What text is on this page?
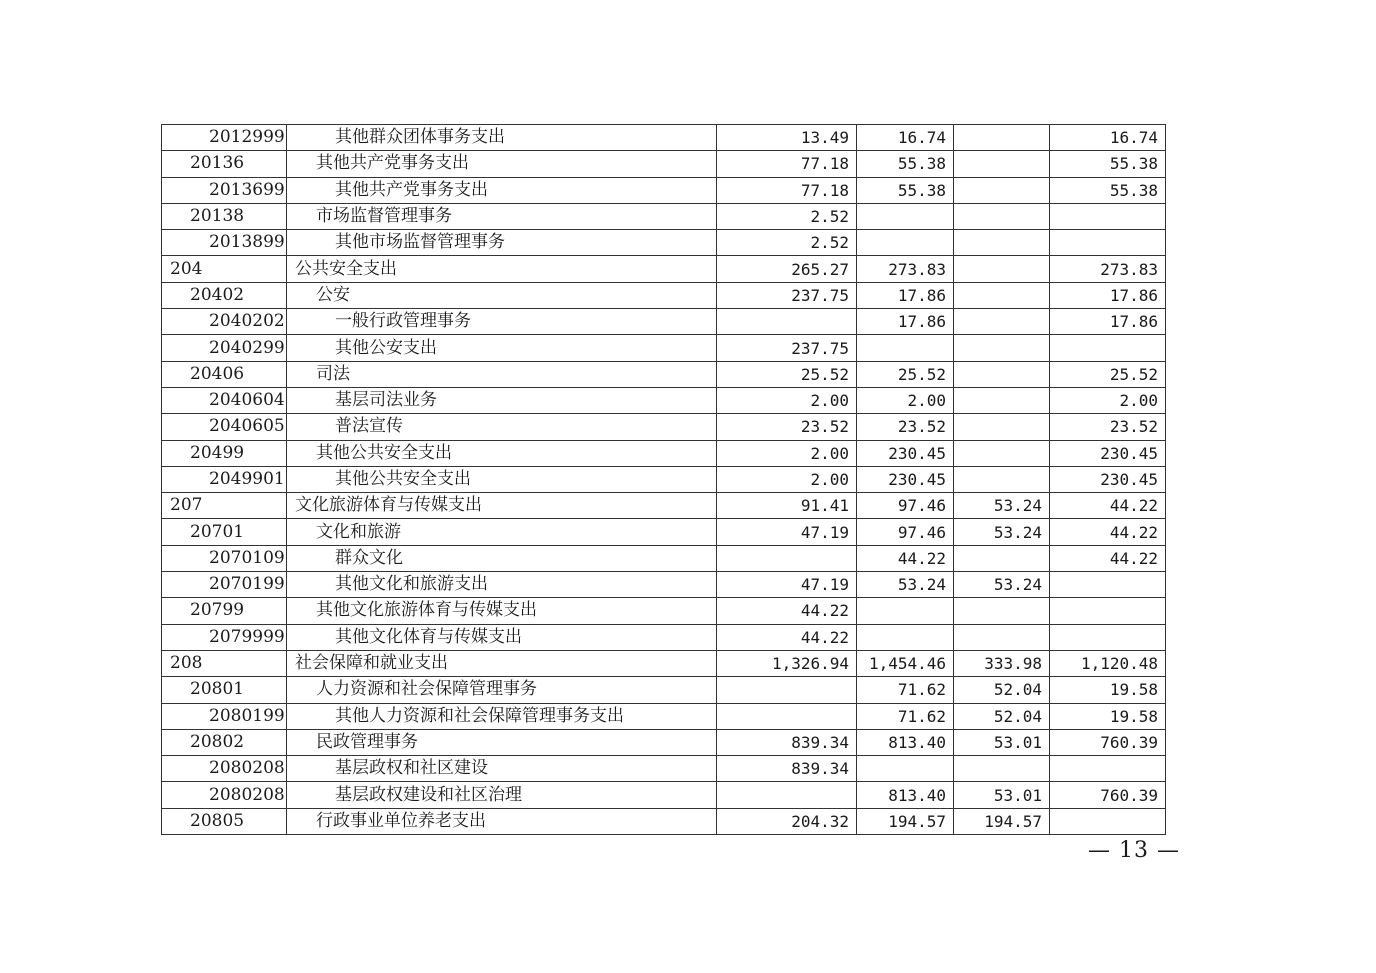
2012999	其他群众团体事务支出	13.49	16.74		16.74
20136	其他共产党事务支出	77.18	55.38		55.38
2013699	其他共产党事务支出	77.18	55.38		55.38
20138	市场监督管理事务	2.52			
2013899	其他市场监督管理事务	2.52			
204	公共安全支出	265.27	273.83		273.83
20402	公安	237.75	17.86		17.86
2040202	一般行政管理事务		17.86		17.86
2040299	其他公安支出	237.75			
20406	司法	25.52	25.52		25.52
2040604	基层司法业务	2.00	2.00		2.00
2040605	普法宣传	23.52	23.52		23.52
20499	其他公共安全支出	2.00	230.45		230.45
2049901	其他公共安全支出	2.00	230.45		230.45
207	文化旅游体育与传媒支出	91.41	97.46	53.24	44.22
20701	文化和旅游	47.19	97.46	53.24	44.22
2070109	群众文化		44.22		44.22
2070199	其他文化和旅游支出	47.19	53.24	53.24	
20799	其他文化旅游体育与传媒支出	44.22			
2079999	其他文化体育与传媒支出	44.22			
208	社会保障和就业支出	1,326.94	1,454.46	333.98	1,120.48
20801	人力资源和社会保障管理事务		71.62	52.04	19.58
2080199	其他人力资源和社会保障管理事务支出		71.62	52.04	19.58
20802	民政管理事务	839.34	813.40	53.01	760.39
2080208	基层政权和社区建设	839.34			
2080208	基层政权建设和社区治理		813.40	53.01	760.39
20805	行政事业单位养老支出	204.32	194.57	194.57	
— 13 —
